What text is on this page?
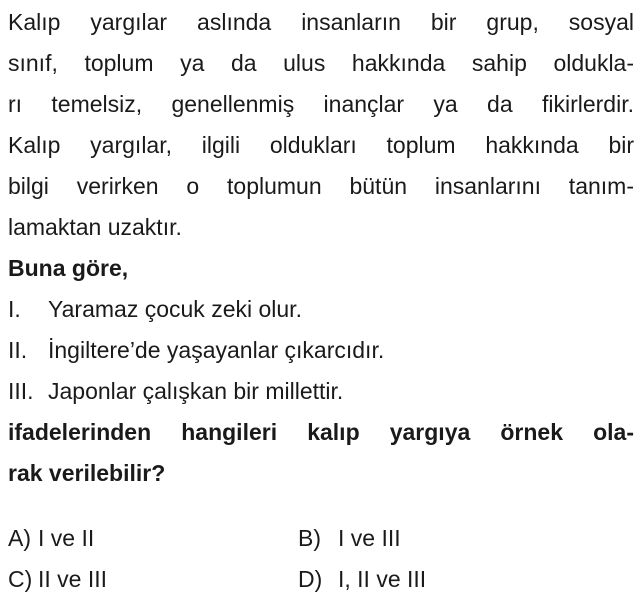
Kalıp yargılar aslında insanların bir grup, sosyal
sınıf, toplum ya da ulus hakkında sahip oldukla-
rı temelsiz, genellenmiş inançlar ya da fikirlerdir.
Kalıp yargılar, ilgili oldukları toplum hakkında bir
bilgi verirken o toplumun bütün insanlarını tanım-
lamaktan uzaktır.
Buna göre,
I.	Yaramaz çocuk zeki olur.
II. İngiltere’de yaşayanlar çıkarcıdır.
III. Japonlar çalışkan bir millettir.
ifadelerinden hangileri kalıp yargıya örnek ola-
rak verilebilir?
A) I ve II	B) I ve III
C) II ve III	D) I, II ve III
